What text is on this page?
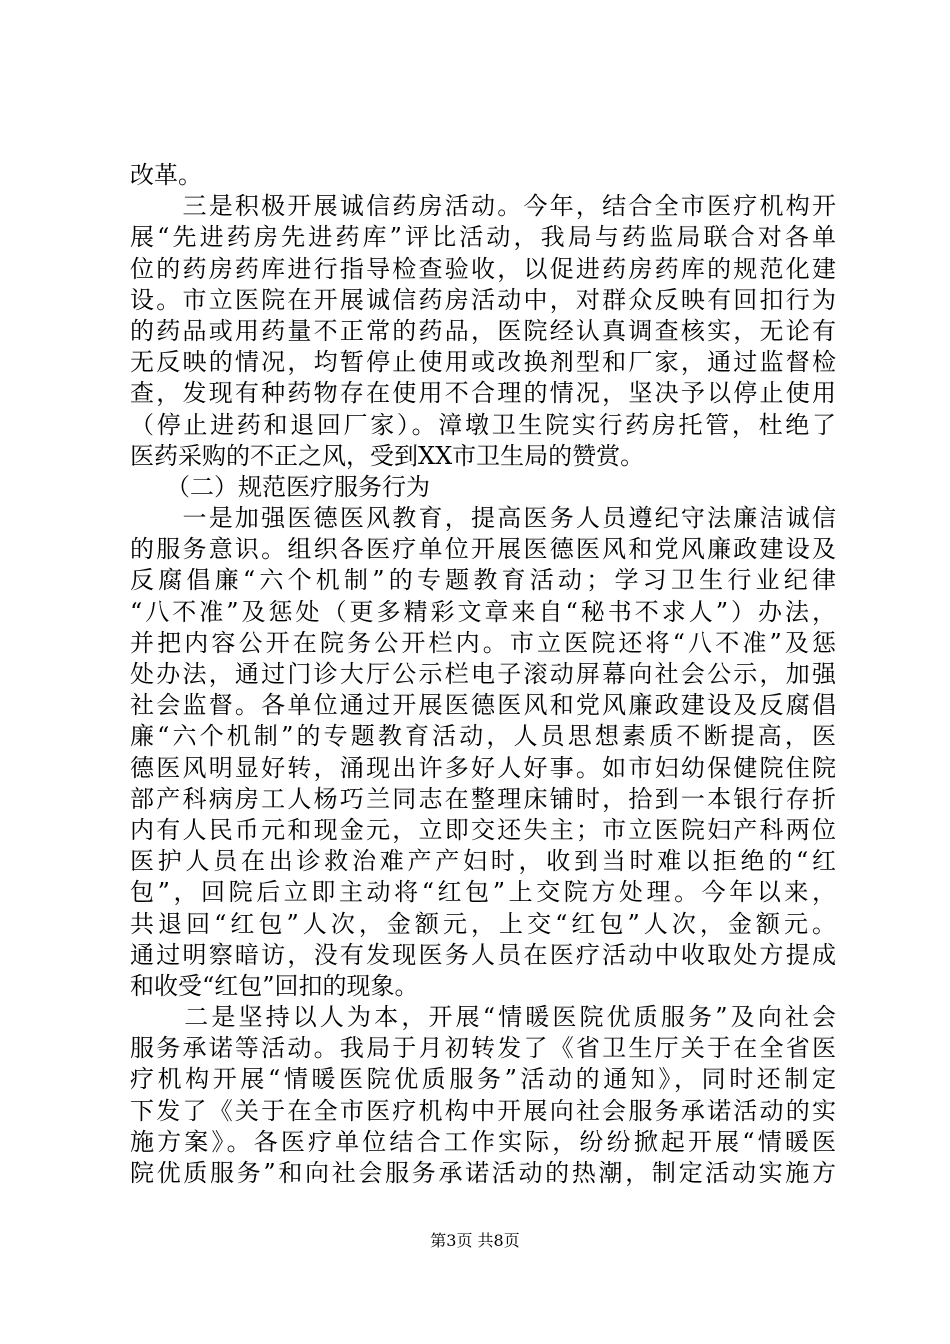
改革。
　　三是积极开展诚信药房活动。今年，结合全市医疗机构开
展“先进药房先进药库”评比活动，我局与药监局联合对各单
位的药房药库进行指导检查验收，以促进药房药库的规范化建
设。市立医院在开展诚信药房活动中，对群众反映有回扣行为
的药品或用药量不正常的药品，医院经认真调查核实，无论有
无反映的情况，均暂停止使用或改换剂型和厂家，通过监督检
查，发现有种药物存在使用不合理的情况，坚决予以停止使用
（停止进药和退回厂家）。漳墩卫生院实行药房托管，杜绝了
医药采购的不正之风，受到XX市卫生局的赞赏。
　　（二）规范医疗服务行为
　　一是加强医德医风教育，提高医务人员遵纪守法廉洁诚信
的服务意识。组织各医疗单位开展医德医风和党风廉政建设及
反腐倡廉“六个机制”的专题教育活动；学习卫生行业纪律
“八不准”及惩处（更多精彩文章来自“秘书不求人”）办法，
并把内容公开在院务公开栏内。市立医院还将“八不准”及惩
处办法，通过门诊大厅公示栏电子滚动屏幕向社会公示，加强
社会监督。各单位通过开展医德医风和党风廉政建设及反腐倡
廉“六个机制”的专题教育活动，人员思想素质不断提高，医
德医风明显好转，涌现出许多好人好事。如市妇幼保健院住院
部产科病房工人杨巧兰同志在整理床铺时，拾到一本银行存折
内有人民币元和现金元，立即交还失主；市立医院妇产科两位
医护人员在出诊救治难产产妇时，收到当时难以拒绝的“红
包”，回院后立即主动将“红包”上交院方处理。今年以来，
共退回“红包”人次，金额元，上交“红包”人次，金额元。
通过明察暗访，没有发现医务人员在医疗活动中收取处方提成
和收受“红包”回扣的现象。
　　二是坚持以人为本，开展“情暖医院优质服务”及向社会
服务承诺等活动。我局于月初转发了《省卫生厅关于在全省医
疗机构开展“情暖医院优质服务”活动的通知》，同时还制定
下发了《关于在全市医疗机构中开展向社会服务承诺活动的实
施方案》。各医疗单位结合工作实际，纷纷掀起开展“情暖医
院优质服务”和向社会服务承诺活动的热潮，制定活动实施方
第3页 共8页
